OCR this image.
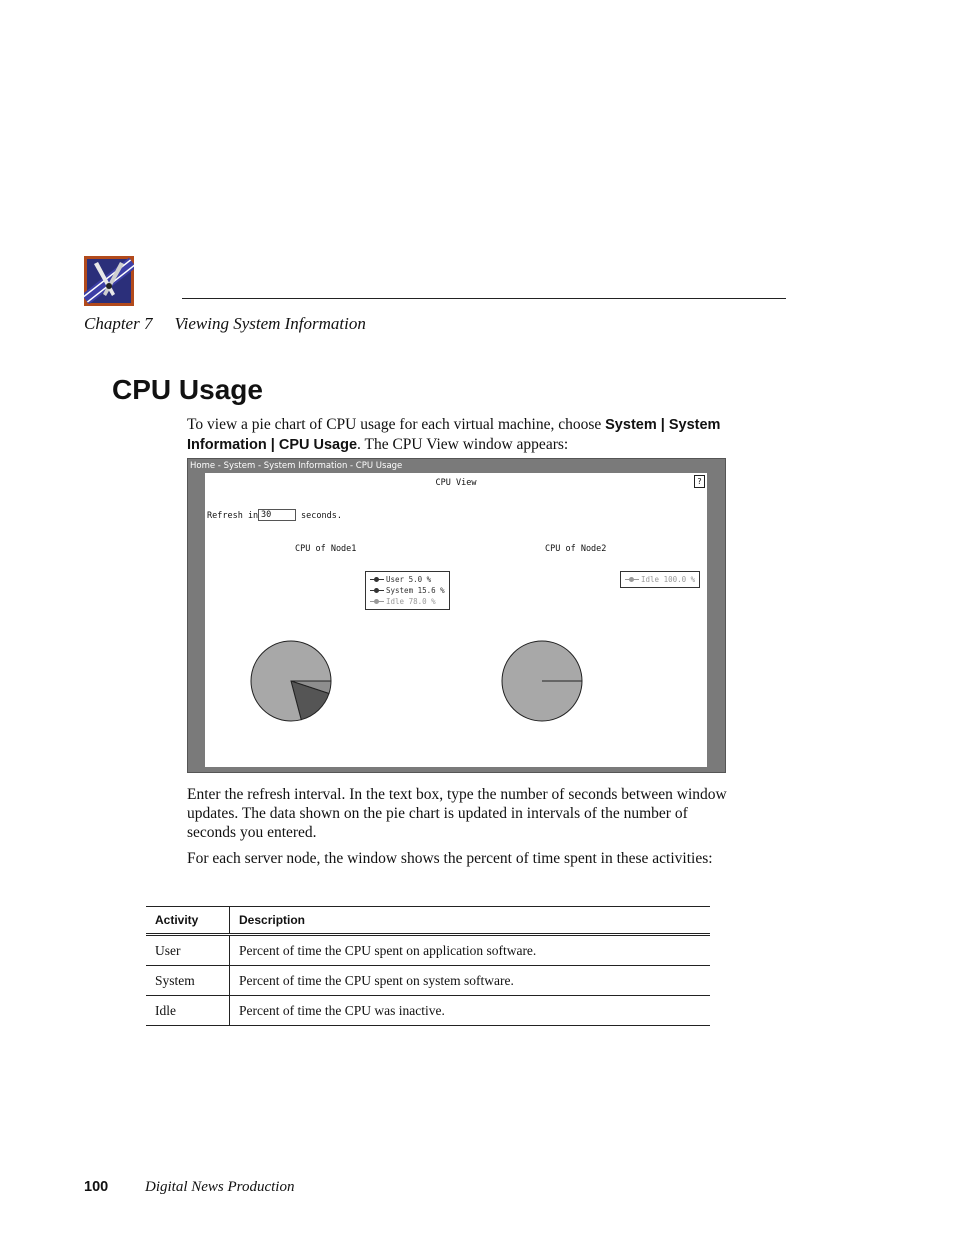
Chapter 7 Viewing System Information
CPU Usage

To view a pie chart of CPU usage for each virtual machine, choose System | System Information | CPU Usage. The CPU View window appears:

Home - System - System Information - CPU Usage
CPU View	?
Refresh in 30	seconds.
CPU of Node1	CPU of Node2
User 5.0 %
System 15.6 %
Idle 78.0 %
Idle 100.0 %

Enter the refresh interval. In the text box, type the number of seconds between window updates. The data shown on the pie chart is updated in intervals of the number of seconds you entered.

For each server node, the window shows the percent of time spent in these activities:

Activity	Description
User	Percent of time the CPU spent on application software.
System	Percent of time the CPU spent on system software.
Idle	Percent of time the CPU was inactive.
100 Digital News Production
